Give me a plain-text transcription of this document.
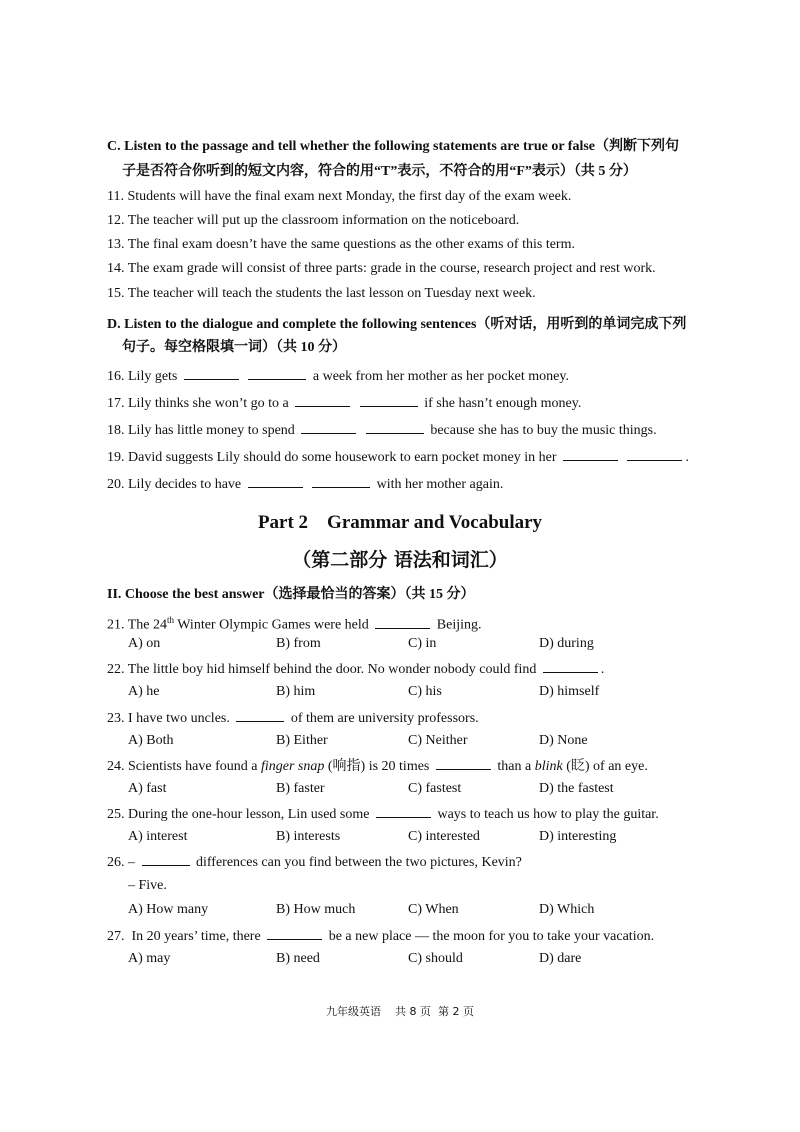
C. Listen to the passage and tell whether the following statements are true or false（判断下列句
子是否符合你听到的短文内容，符合的用“T”表示，不符合的用“F”表示）（共 5 分）
11. Students will have the final exam next Monday, the first day of the exam week.
12. The teacher will put up the classroom information on the noticeboard.
13. The final exam doesn’t have the same questions as the other exams of this term.
14. The exam grade will consist of three parts: grade in the course, research project and rest work.
15. The teacher will teach the students the last lesson on Tuesday next week.
D. Listen to the dialogue and complete the following sentences（听对话，用听到的单词完成下列
句子。每空格限填一词）（共 10 分）
16. Lily gets	a week from her mother as her pocket money.
17. Lily thinks she won’t go to a	if she hasn’t enough money.
18. Lily has little money to spend	because she has to buy the music things.
19. David suggests Lily should do some housework to earn pocket money in her	.
20. Lily decides to have	with her mother again.
Part 2    Grammar and Vocabulary
（第二部分 语法和词汇）
II. Choose the best answer（选择最恰当的答案）（共 15 分）
21. The 24th Winter Olympic Games were held	Beijing.
A) on	B) from	C) in	D) during
22. The little boy hid himself behind the door. No wonder nobody could find	.
A) he	B) him	C) his	D) himself
23. I have two uncles.	of them are university professors.
A) Both	B) Either	C) Neither	D) None
24. Scientists have found a finger snap (响指) is 20 times	than a blink (眨) of an eye.
A) fast	B) faster	C) fastest	D) the fastest
25. During the one-hour lesson, Lin used some	ways to teach us how to play the guitar.
A) interest	B) interests	C) interested	D) interesting
26. –	differences can you find between the two pictures, Kevin?
– Five.
A) How many	B) How much	C) When	D) Which
27.  In 20 years’ time, there	be a new place — the moon for you to take your vacation.
A) may	B) need	C) should	D) dare
九年级英语    共 8 页  第 2 页
